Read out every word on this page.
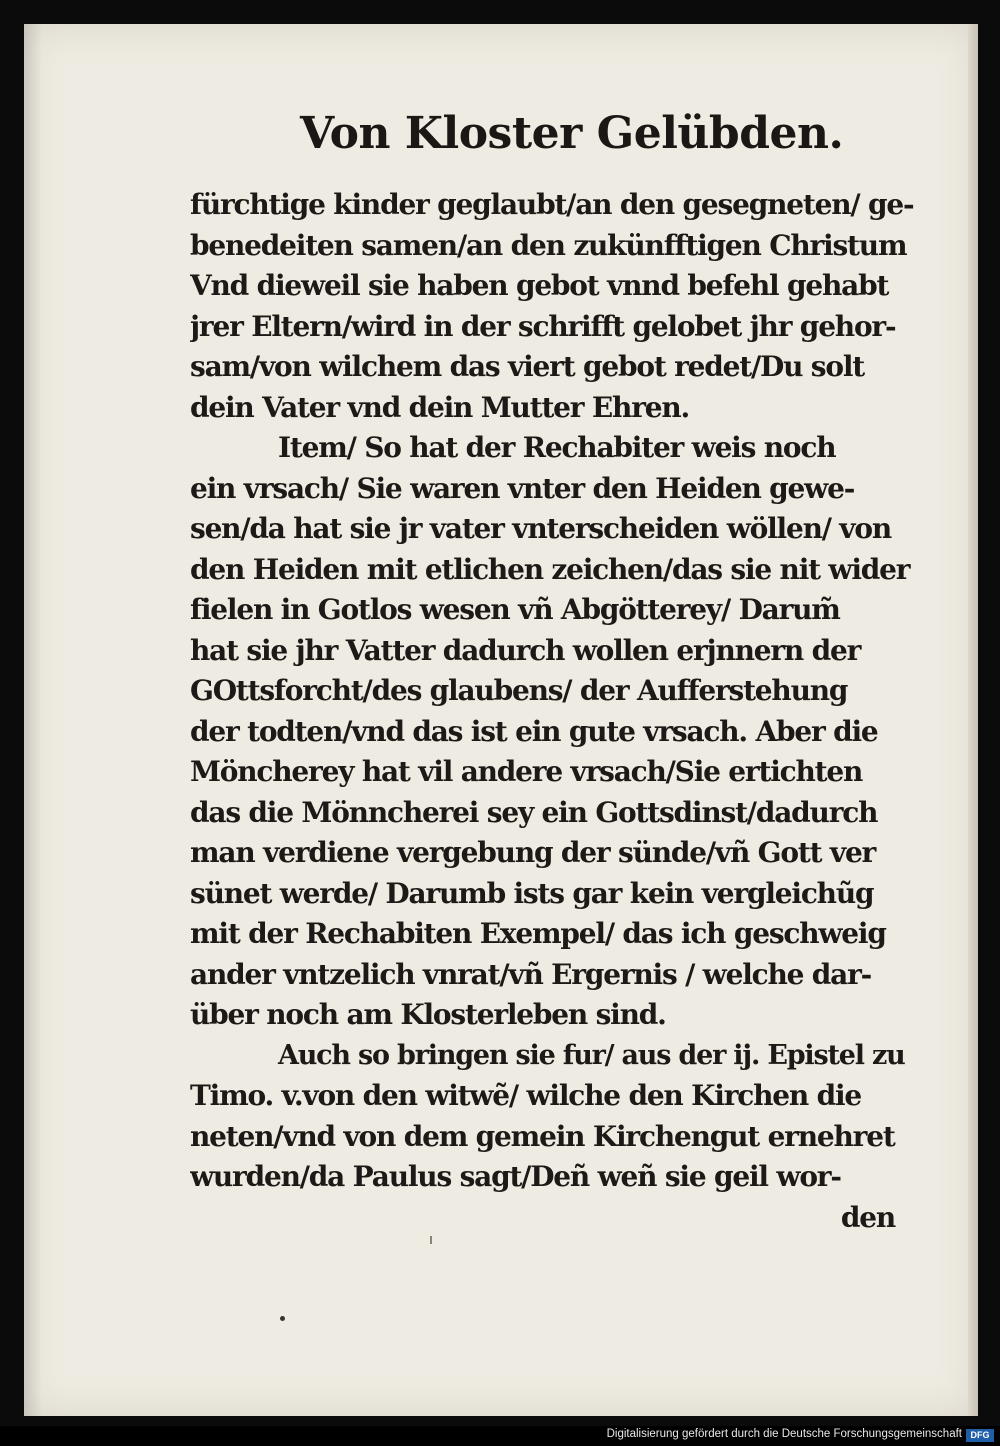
Von Kloster Gelübden.
fürchtige kinder geglaubt/an den gesegneten/ ge-
benedeiten samen/an den zukünfftigen Christum
Vnd dieweil sie haben gebot vnnd befehl gehabt
jrer Eltern/wird in der schrifft gelobet jhr gehor-
sam/von wilchem das viert gebot redet/Du solt
dein Vater vnd dein Mutter Ehren.
Item/ So hat der Rechabiter weis noch
ein vrsach/ Sie waren vnter den Heiden gewe-
sen/da hat sie jr vater vnterscheiden wöllen/ von
den Heiden mit etlichen zeichen/das sie nit wider
fielen in Gotlos wesen vñ Abgötterey/ Darum̃
hat sie jhr Vatter dadurch wollen erjnnern der
GOttsforcht/des glaubens/ der Aufferstehung
der todten/vnd das ist ein gute vrsach. Aber die
Möncherey hat vil andere vrsach/Sie ertichten
das die Mönncherei sey ein Gottsdinst/dadurch
man verdiene vergebung der sünde/vñ Gott ver
sünet werde/ Darumb ists gar kein vergleichũg
mit der Rechabiten Exempel/ das ich geschweig
ander vntzelich vnrat/vñ Ergernis / welche dar-
über noch am Klosterleben sind.
Auch so bringen sie fur/ aus der ij. Epistel zu
Timo. v.von den witwẽ/ wilche den Kirchen die
neten/vnd von dem gemein Kirchengut ernehret
wurden/da Paulus sagt/Deñ weñ sie geil wor-
den
Digitalisierung gefördert durch die Deutsche Forschungsgemeinschaft DFG
